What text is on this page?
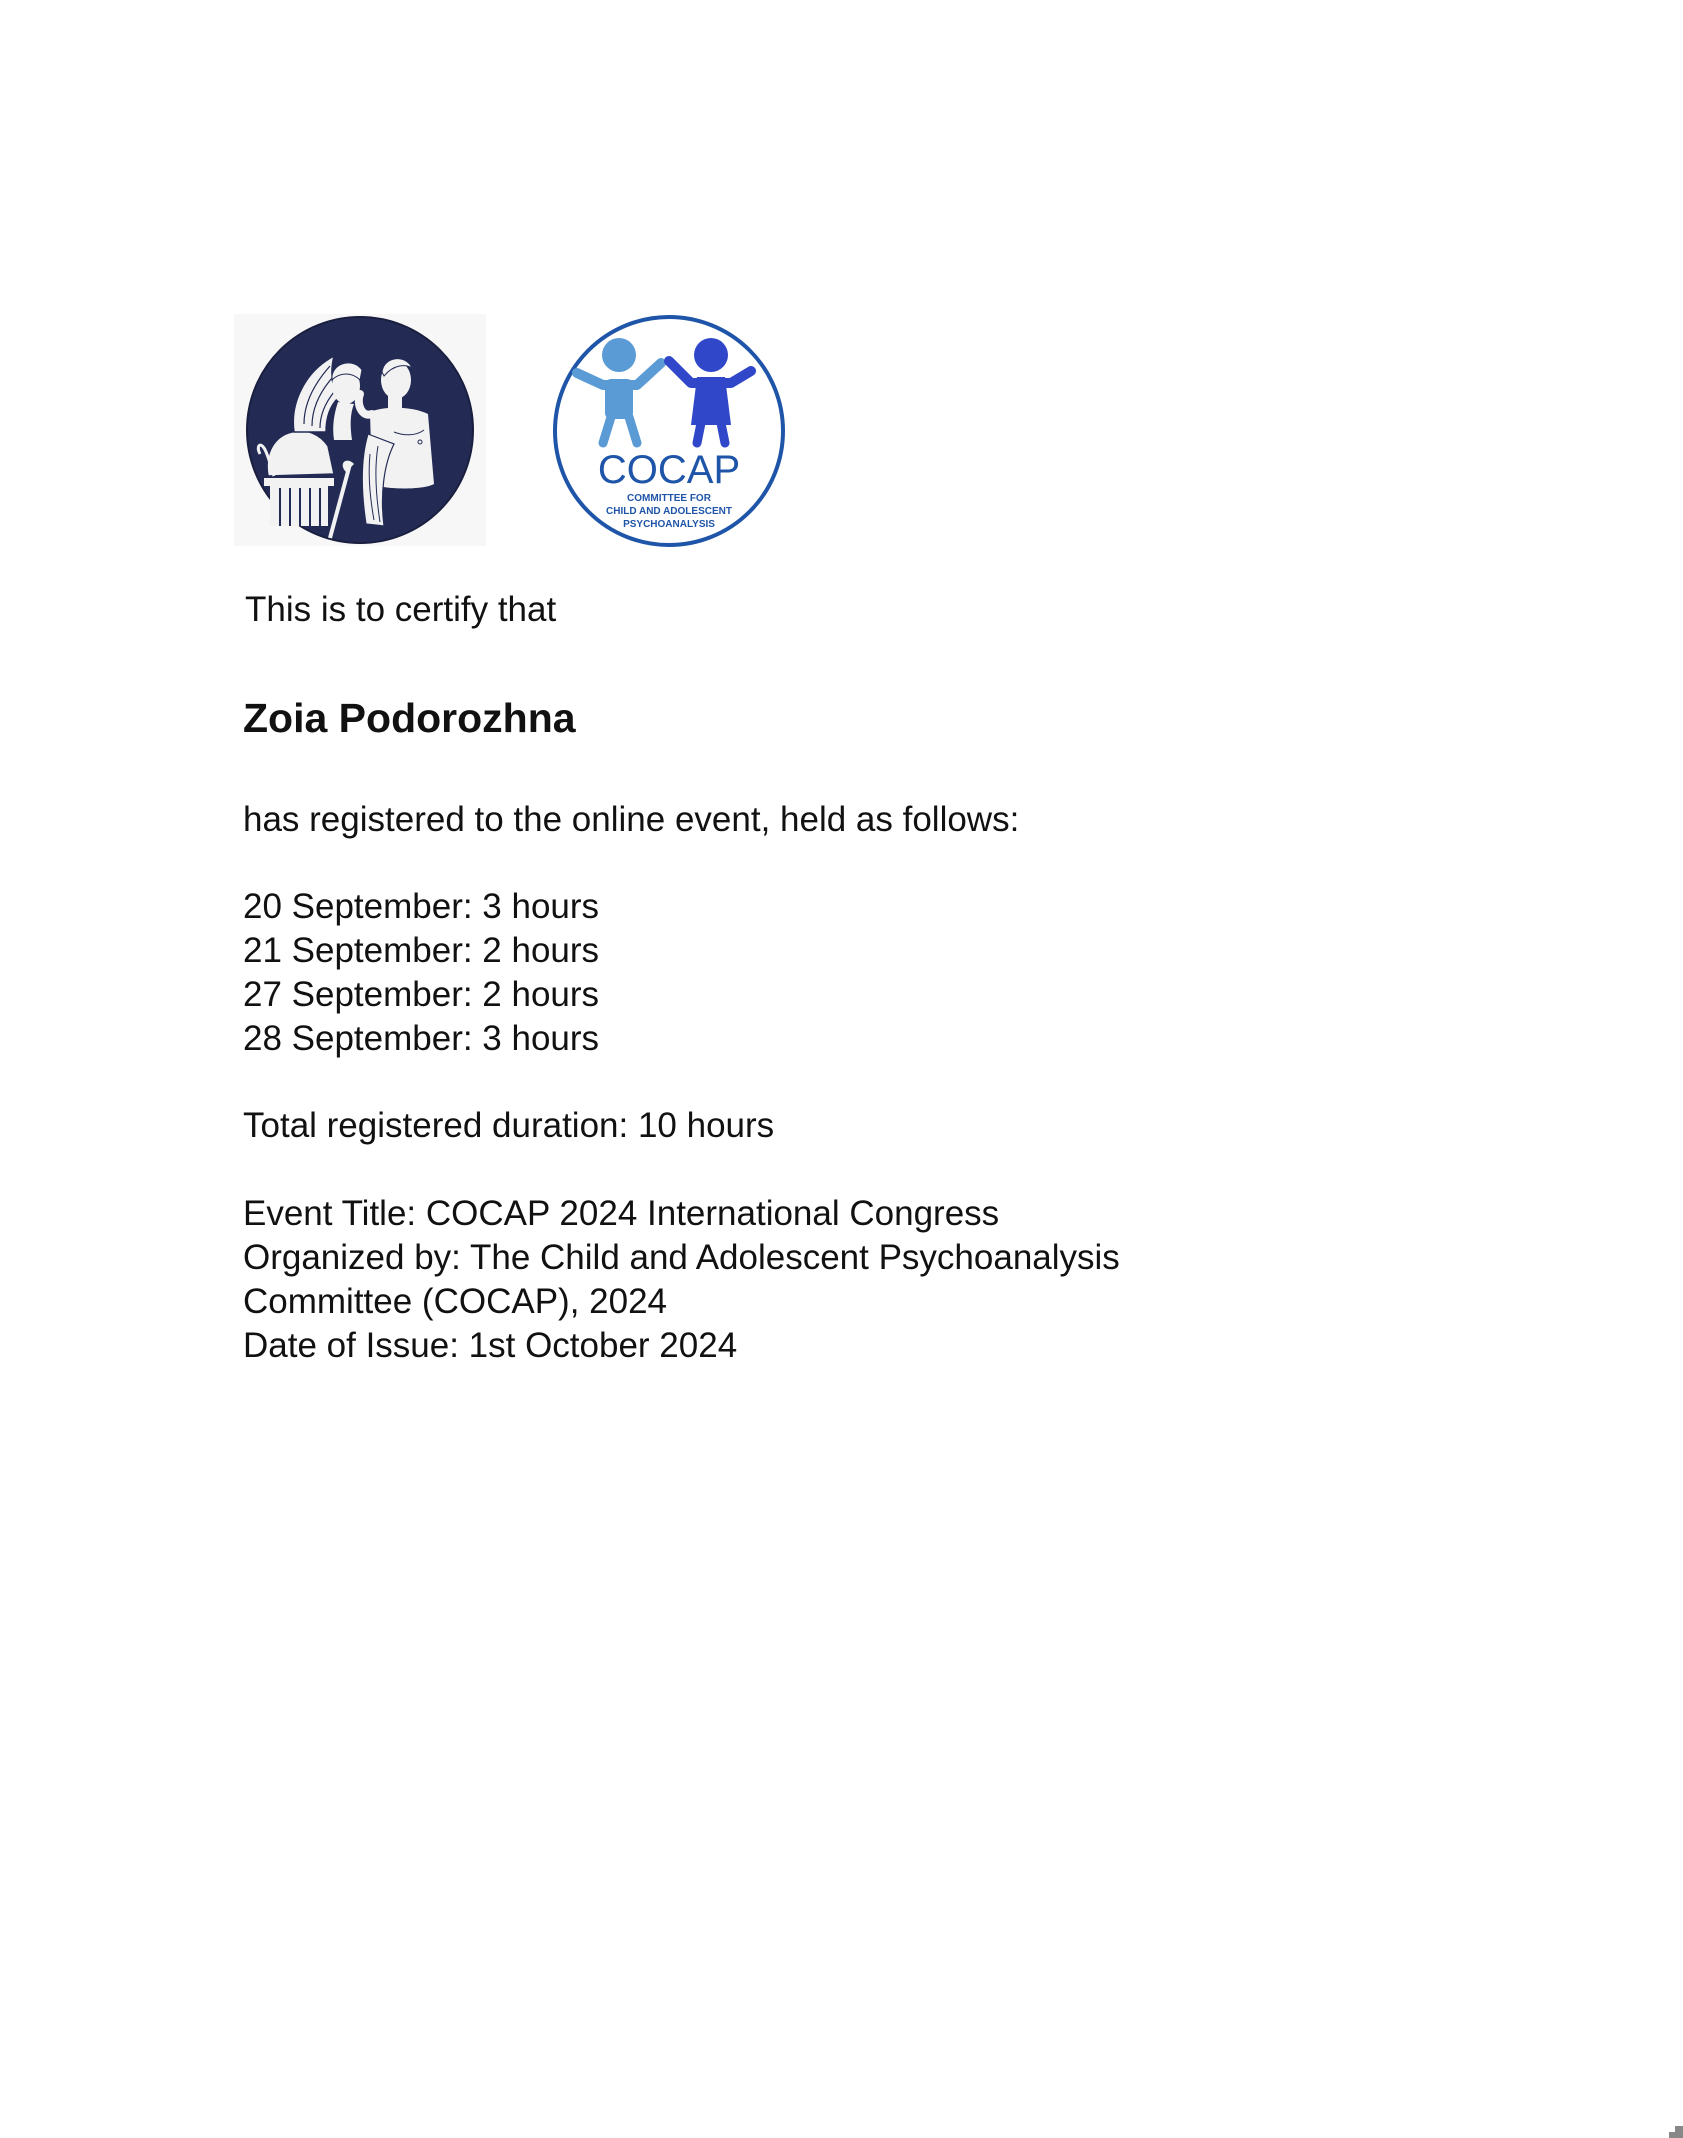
COCAP
COMMITTEE FOR
CHILD AND ADOLESCENT
PSYCHOANALYSIS

This is to certify that

Zoia Podorozhna

has registered to the online event, held as follows:

20 September: 3 hours
21 September: 2 hours
27 September: 2 hours
28 September: 3 hours

Total registered duration: 10 hours

Event Title: COCAP 2024 International Congress
Organized by: The Child and Adolescent Psychoanalysis
Committee (COCAP), 2024
Date of Issue: 1st October 2024
